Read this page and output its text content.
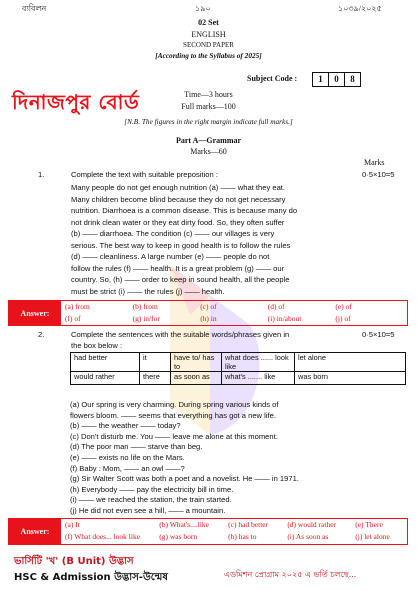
ব্যবিলন	১৯০	১০৩৯/২০২৫
02 Set
ENGLISH
SECOND PAPER
[According to the Syllabus of 2025]
Subject Code :	1	0	8
দিনাজপুর বোর্ড	Time—3 hours
Full marks—100
[N.B. The figures in the right margin indicate full marks.]
Part A—Grammar
Marks—60
Marks
1.	Complete the text with suitable preposition :	0·5×10=5
Many people do not get enough nutrition (a) —— what they eat.
Many children become blind because they do not get necessary
nutrition. Diarrhoea is a common disease. This is because many do
not drink clean water or they eat dirty food. So, they often suffer
(b) —— diarrhoea. The condition (c) —— our villages is very
serious. The best way to keep in good health is to follow the rules
(d) —— cleanliness. A large number (e) —— people do not
follow the rules (f) —— health. It is a great problem (g) —— our
country. So, (h) —— order to keep in sound health, all the people
must be strict (i) —— the rules (j) —— health.
Answer:
(a) from	(b) from	(c) of	(d) of	(e) of
(f) of	(g) in/for	(h) in	(i) in/about	(j) of
2.	Complete the sentences with the suitable words/phrases given in
the box below :
0·5×10=5
had better	it	have to/ has to	what does ...... look like	let alone
would rather	there	as soon as	what's ....... like	was born
(a) Our spring is very charming. During spring various kinds of
flowers bloom. —— seems that everything has got a new life.
(b) —— the weather —— today?
(c) Don't disturb me. You —— leave me alone at this moment.
(d) The poor man —— starve than beg.
(e) —— exists no life on the Mars.
(f) Baby : Mom, —— an owl ——?
(g) Sir Walter Scott was both a poet and a novelist. He —— in 1971.
(h) Everybody —— pay the electricity bill in time.
(i) —— we reached the station, the train started.
(j) He did not even see a hill, —— a mountain.
Answer:
(a) It	(b) What's....like	(c) had better	(d) would rather	(e) There
(f) What does... look like	(g) was born	(h) has to	(i) As soon as	(j) let alone
ভার্সিটি 'খ' (B Unit) উদ্ভাস
HSC & Admission উদ্ভাস-উন্মেষ	এডমিশন প্রোগ্রাম ২০২৫ এ ভর্তি চলছে...
